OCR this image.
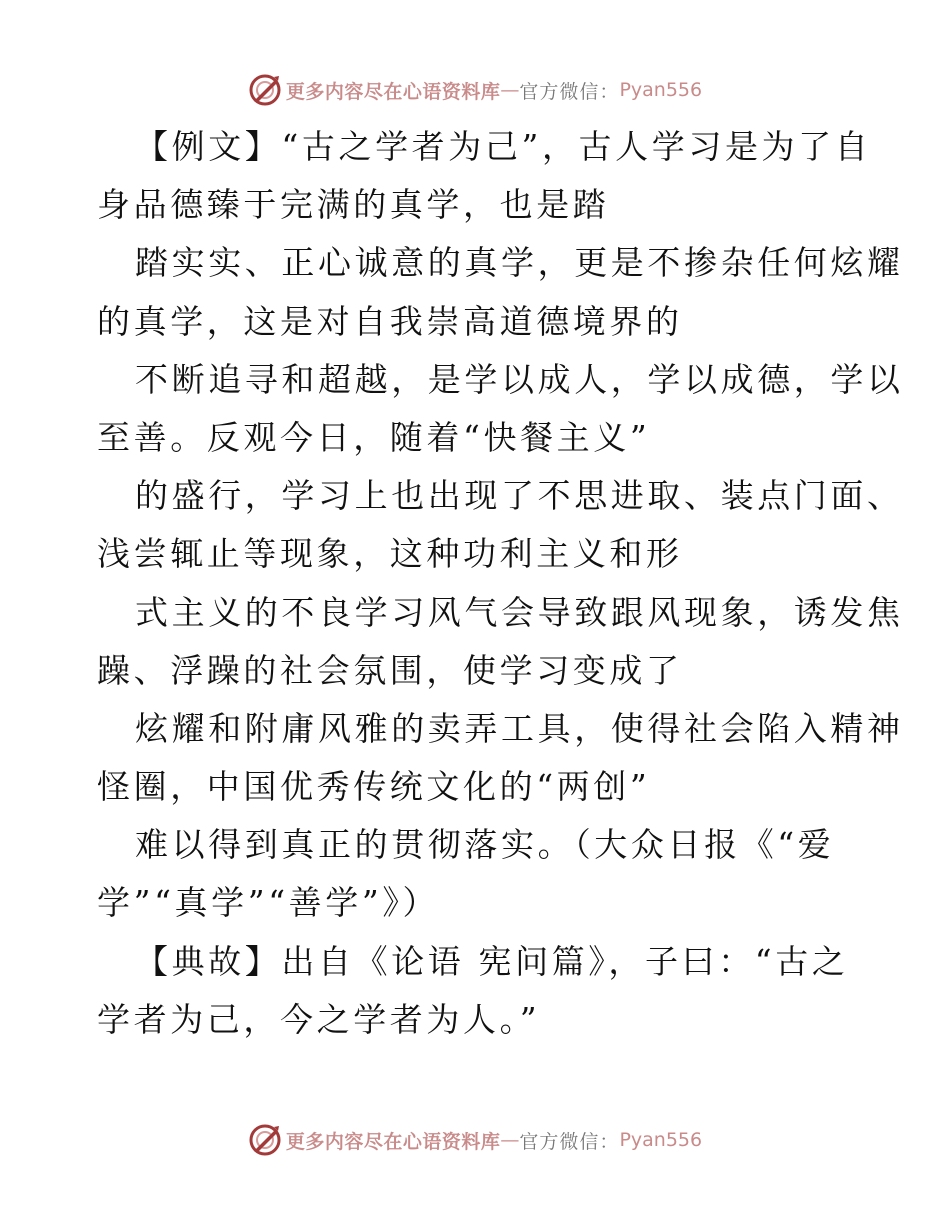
更多内容尽在心语资料库 — 官方微信： Pyan556
【例文】“古之学者为己”，古人学习是为了自
身品德臻于完满的真学，也是踏
踏实实、正心诚意的真学，更是不掺杂任何炫耀
的真学，这是对自我崇高道德境界的
不断追寻和超越，是学以成人，学以成德，学以
至善。反观今日，随着“快餐主义”
的盛行，学习上也出现了不思进取、装点门面、
浅尝辄止等现象，这种功利主义和形
式主义的不良学习风气会导致跟风现象，诱发焦
躁、浮躁的社会氛围，使学习变成了
炫耀和附庸风雅的卖弄工具，使得社会陷入精神
怪圈，中国优秀传统文化的“两创”
难以得到真正的贯彻落实。（大众日报《“爱
学”“真学”“善学”》）
【典故】出自《论语 宪问篇》，子曰：“古之
学者为己，今之学者为人。”
更多内容尽在心语资料库 — 官方微信： Pyan556
